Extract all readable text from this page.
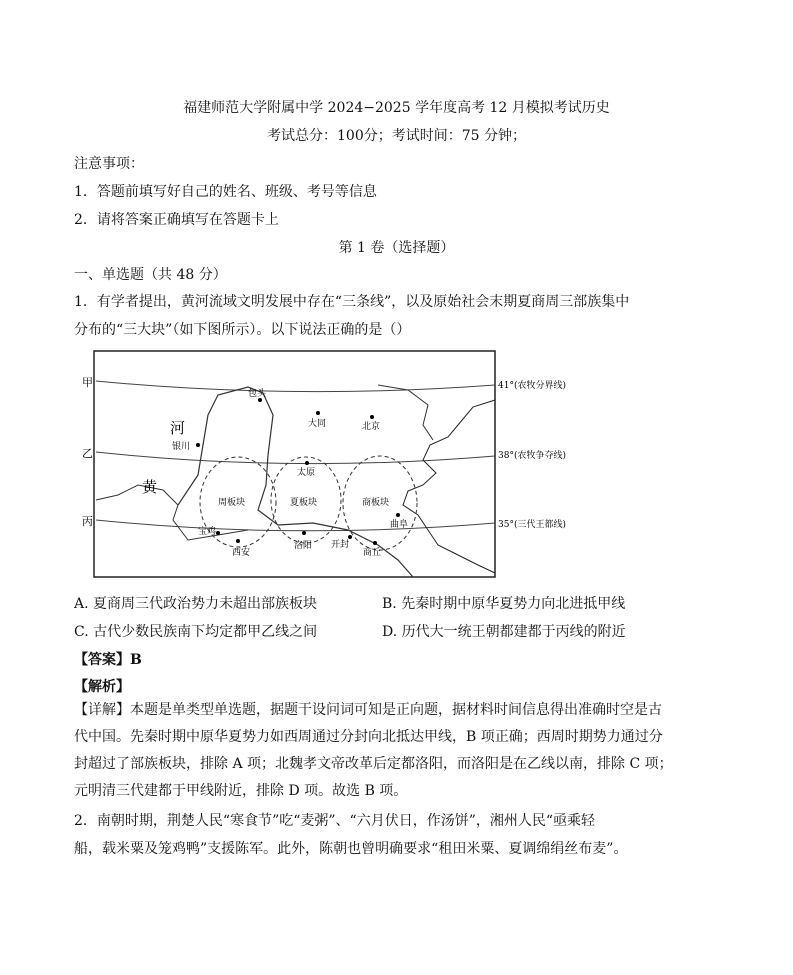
福建师范大学附属中学 2024−2025 学年度高考 12 月模拟考试历史
考试总分：100分；考试时间：75 分钟；
注意事项：
1．答题前填写好自己的姓名、班级、考号等信息
2．请将答案正确填写在答题卡上
第 1 卷（选择题）
一、单选题（共 48 分）
1．有学者提出，黄河流域文明发展中存在“三条线”，以及原始社会末期夏商周三部族集中
分布的“三大块”（如下图所示）。以下说法正确的是（）
甲
乙
丙
41°(农牧分界线)
38°(农牧争夺线)
35°(三代王都线)
包头
大同	北京
银川
太原
宝鸡
西安
洛阳 开封
商丘
曲阜
河
黄
周板块	夏板块	商板块
A. 夏商周三代政治势力未超出部族板块	B. 先秦时期中原华夏势力向北进抵甲线
C. 古代少数民族南下均定都甲乙线之间	D. 历代大一统王朝都建都于丙线的附近
【答案】B
【解析】
【详解】本题是单类型单选题，据题干设问词可知是正向题，据材料时间信息得出准确时空是古代中国。先秦时期中原华夏势力如西周通过分封向北抵达甲线，B 项正确；西周时期势力通过分封超过了部族板块，排除 A 项；北魏孝文帝改革后定都洛阳，而洛阳是在乙线以南，排除 C 项；元明清三代建都于甲线附近，排除 D 项。故选 B 项。
2．南朝时期，荆楚人民“寒食节”吃“麦粥”、“六月伏日，作汤饼”，湘州人民“亟乘轻
船，载米粟及笼鸡鸭”支援陈军。此外，陈朝也曾明确要求“租田米粟、夏调绵绢丝布麦”。
